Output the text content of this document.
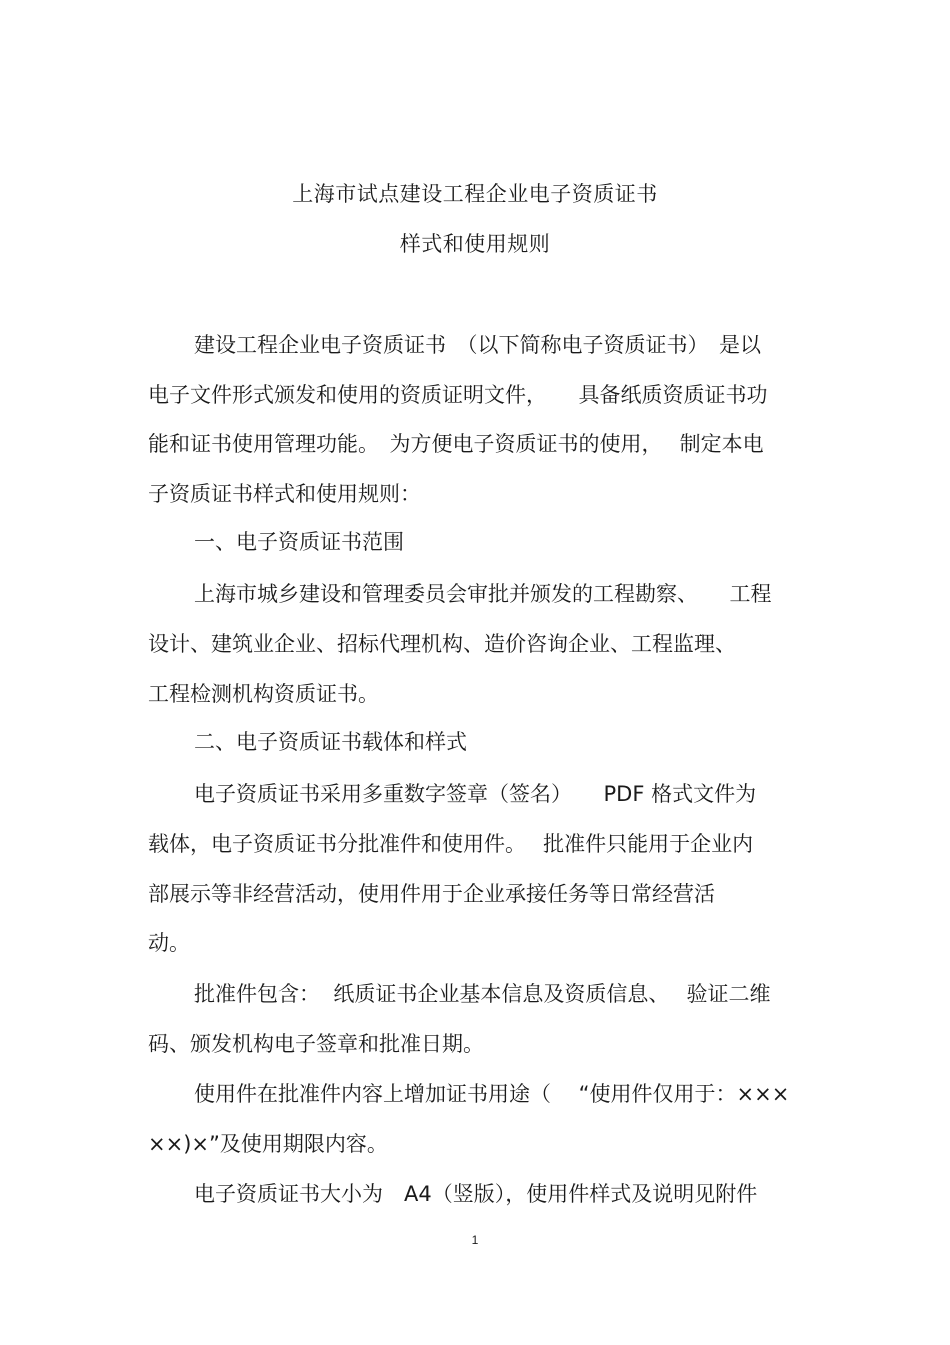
上海市试点建设工程企业电子资质证书
样式和使用规则
建设工程企业电子资质证书　（以下简称电子资质证书）　是以
电子文件形式颁发和使用的资质证明文件，　　具备纸质资质证书功
能和证书使用管理功能。　为方便电子资质证书的使用，　 制定本电
子资质证书样式和使用规则：
一、电子资质证书范围
上海市城乡建设和管理委员会审批并颁发的工程勘察、　　工程
设计、建筑业企业、招标代理机构、造价咨询企业、工程监理、
工程检测机构资质证书。
二、电子资质证书载体和样式
电子资质证书采用多重数字签章（签名）　　PDF 格式文件为
载体，电子资质证书分批准件和使用件。　 批准件只能用于企业内
部展示等非经营活动，使用件用于企业承接任务等日常经营活
动。
批准件包含：  纸质证书企业基本信息及资质信息、　 验证二维
码、颁发机构电子签章和批准日期。
使用件在批准件内容上增加证书用途（　 “使用件仅用于：×××
××)×”及使用期限内容。
电子资质证书大小为　A4（竖版），使用件样式及说明见附件
1
